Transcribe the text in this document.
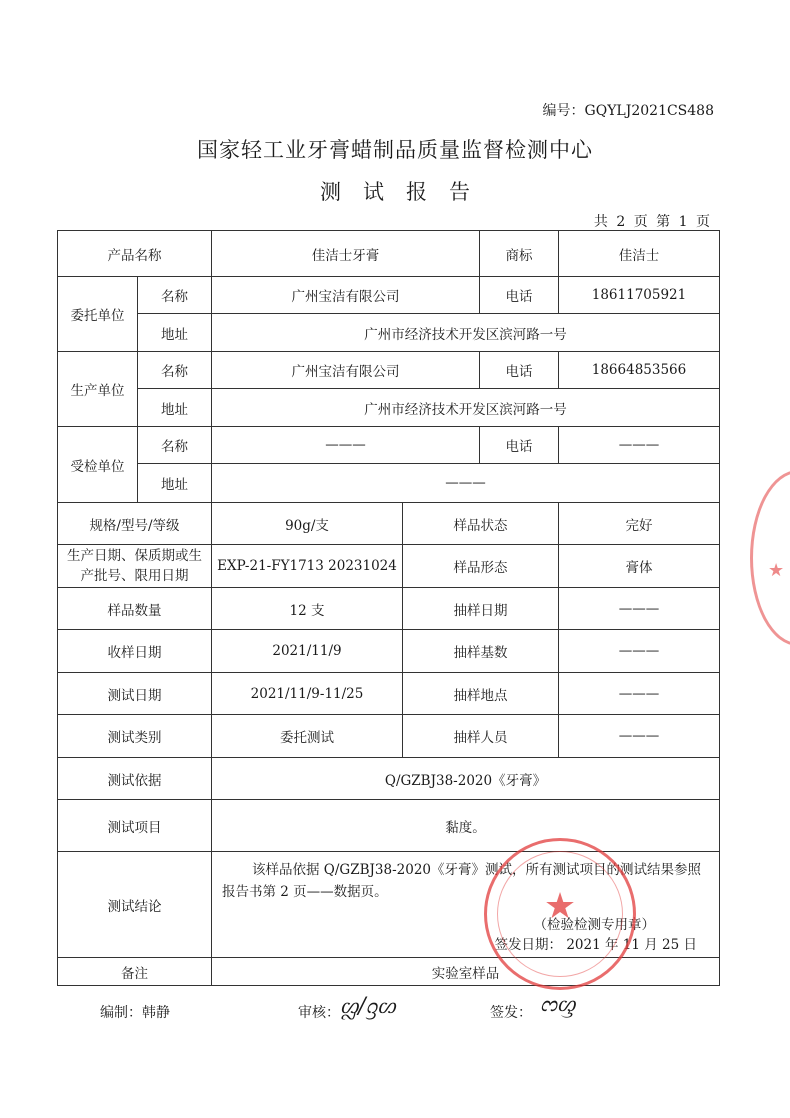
编号：GQYLJ2021CS488
国家轻工业牙膏蜡制品质量监督检测中心
测试报告
共 2 页 第 1 页
产品名称		佳洁士牙膏		商标	佳洁士
委托单位	名称	广州宝洁有限公司		电话	18611705921
	地址	广州市经济技术开发区滨河路一号			
生产单位	名称	广州宝洁有限公司		电话	18664853566
	地址	广州市经济技术开发区滨河路一号			
受检单位	名称	———		电话	———
	地址	———			
规格/型号/等级		90g/支	样品状态		完好
生产日期、保质期或生
产批号、限用日期		EXP-21-FY1713 20231024	样品形态		膏体
样品数量		12 支	抽样日期		———
收样日期		2021/11/9	抽样基数		———
测试日期		2021/11/9-11/25	抽样地点		———
测试类别		委托测试	抽样人员		———
测试依据		Q/GZBJ38-2020《牙膏》			
测试项目		黏度。			
测试结论		该样品依据 Q/GZBJ38-2020《牙膏》测试，所有测试项目的测试结果参照报告书第 2 页——数据页。
（检验检测专用章）
签发日期： 2021 年 11 月 25 日			

备注		实验室样品			
编制： 韩静	审核： ᦜ/ᦋᦠ	签发： ᦂᦐ
★
★
